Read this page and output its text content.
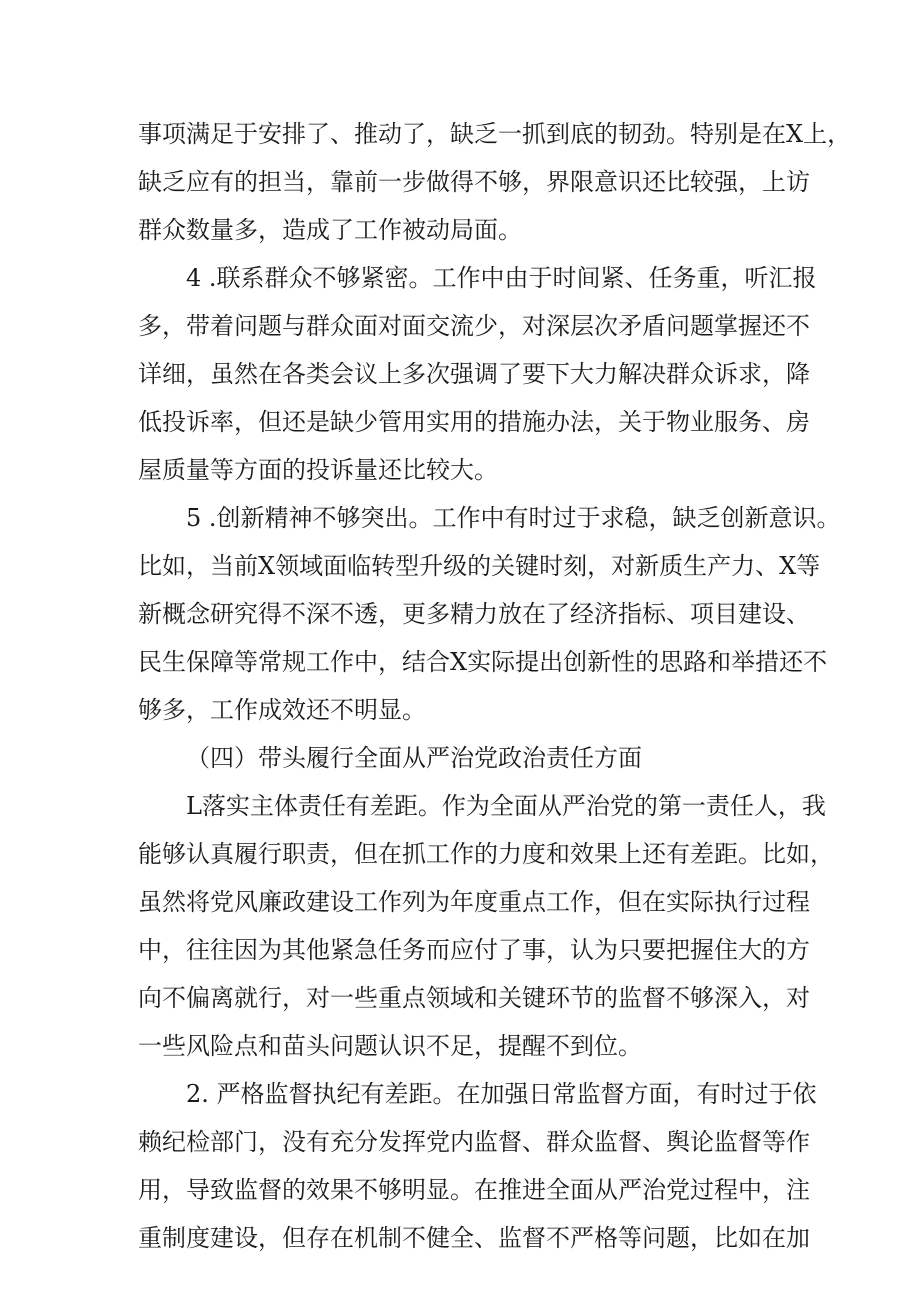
事项满足于安排了、推动了，缺乏一抓到底的韧劲。特别是在X上，
缺乏应有的担当，靠前一步做得不够，界限意识还比较强，上访
群众数量多，造成了工作被动局面。
4 .联系群众不够紧密。工作中由于时间紧、任务重，听汇报
多，带着问题与群众面对面交流少，对深层次矛盾问题掌握还不
详细，虽然在各类会议上多次强调了要下大力解决群众诉求，降
低投诉率，但还是缺少管用实用的措施办法，关于物业服务、房
屋质量等方面的投诉量还比较大。
5 .创新精神不够突出。工作中有时过于求稳，缺乏创新意识。
比如，当前X领域面临转型升级的关键时刻，对新质生产力、X等
新概念研究得不深不透，更多精力放在了经济指标、项目建设、
民生保障等常规工作中，结合X实际提出创新性的思路和举措还不
够多，工作成效还不明显。
（四）带头履行全面从严治党政治责任方面
L落实主体责任有差距。作为全面从严治党的第一责任人，我
能够认真履行职责，但在抓工作的力度和效果上还有差距。比如，
虽然将党风廉政建设工作列为年度重点工作，但在实际执行过程
中，往往因为其他紧急任务而应付了事，认为只要把握住大的方
向不偏离就行，对一些重点领域和关键环节的监督不够深入，对
一些风险点和苗头问题认识不足，提醒不到位。
2. 严格监督执纪有差距。在加强日常监督方面，有时过于依
赖纪检部门，没有充分发挥党内监督、群众监督、舆论监督等作
用，导致监督的效果不够明显。在推进全面从严治党过程中，注
重制度建设，但存在机制不健全、监督不严格等问题，比如在加
